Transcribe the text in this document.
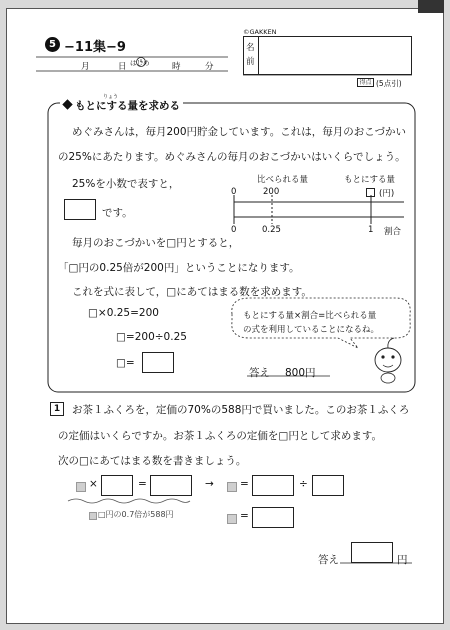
5 −11集−9
月	日 はじめ	時	分
©GAKKEN
名前
得点 (5点引)
もとにする量を求める
りょう
めぐみさんは，毎月200円貯金しています。これは，毎月のおこづかい
の25%にあたります。めぐみさんの毎月のおこづかいはいくらでしょう。
25%を小数で表すと，
です。
比べられる量	もとにする量
0	200	(円)
0	0.25	1 割合
毎月のおこづかいを□円とすると，
「□円の0.25倍が200円」ということになります。
これを式に表して，□にあてはまる数を求めます。
□×0.25=200
□=200÷0.25
□=
もとにする量×割合=比べられる量
の式を利用していることになるね。
答え 800円
1	お茶１ふくろを，定価の70%の588円で買いました。このお茶１ふくろ
の定価はいくらですか。お茶１ふくろの定価を□円として求めます。
次の□にあてはまる数を書きましょう。
×	=	→ =	÷
□円の0.7倍が588円	=
答え	円
